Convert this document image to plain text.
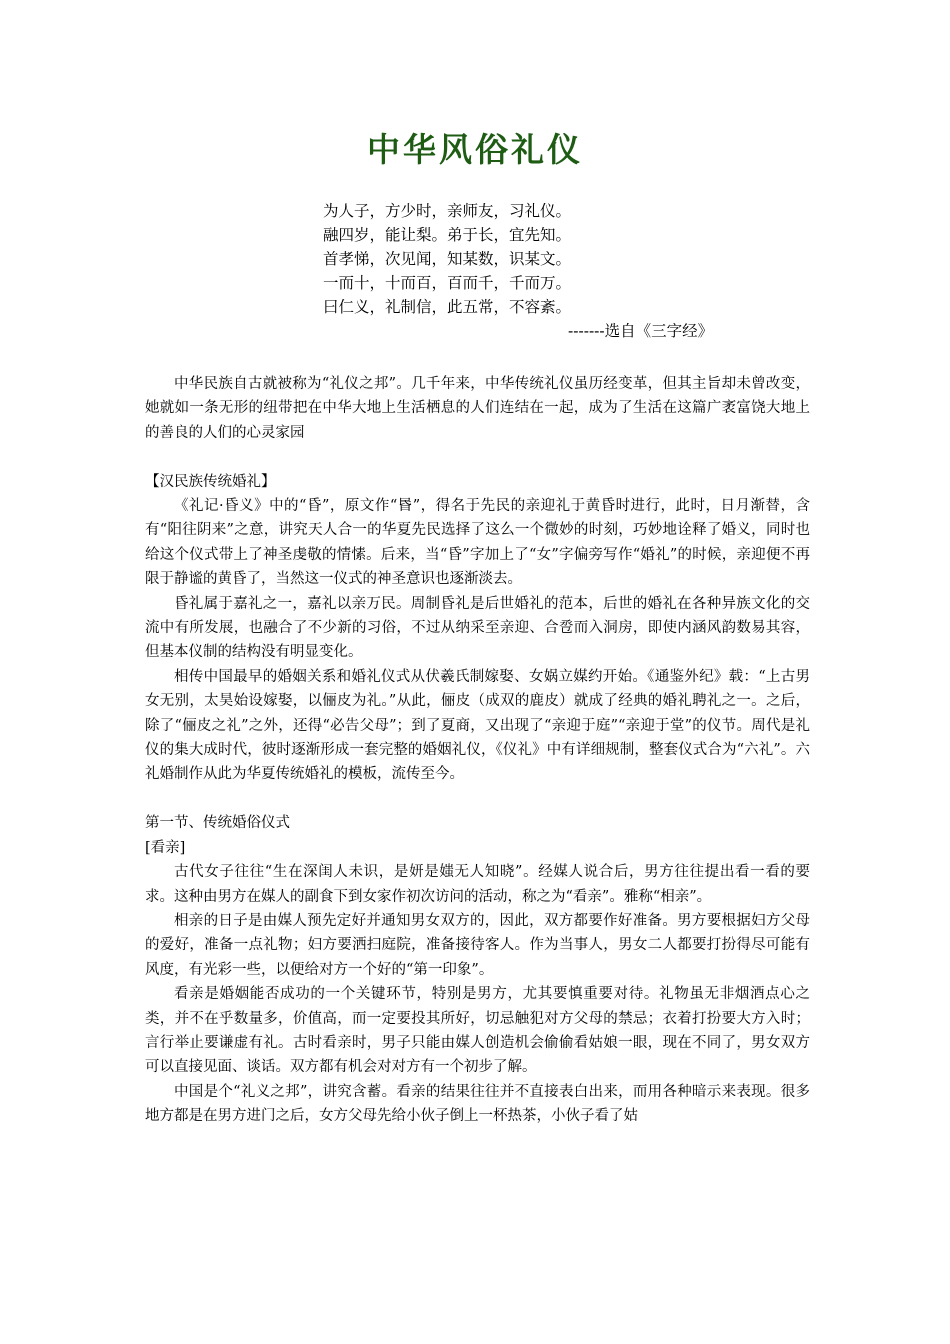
中华风俗礼仪
为人子，方少时，亲师友，习礼仪。
融四岁，能让梨。弟于长，宜先知。
首孝悌，次见闻，知某数，识某文。
一而十，十而百，百而千，千而万。
曰仁义，礼制信，此五常，不容紊。
-------选自《三字经》

中华民族自古就被称为“礼仪之邦”。几千年来，中华传统礼仪虽历经变革，但其主旨却未曾改变，她就如一条无形的纽带把在中华大地上生活栖息的人们连结在一起，成为了生活在这篇广袤富饶大地上的善良的人们的心灵家园

【汉民族传统婚礼】

《礼记·昏义》中的“昏”，原文作“昬”，得名于先民的亲迎礼于黄昏时进行，此时，日月渐替，含有“阳往阴来”之意，讲究天人合一的华夏先民选择了这么一个微妙的时刻，巧妙地诠释了婚义，同时也给这个仪式带上了神圣虔敬的情愫。后来，当“昏”字加上了“女”字偏旁写作“婚礼”的时候，亲迎便不再限于静谧的黄昏了，当然这一仪式的神圣意识也逐渐淡去。

昏礼属于嘉礼之一，嘉礼以亲万民。周制昏礼是后世婚礼的范本，后世的婚礼在各种异族文化的交流中有所发展，也融合了不少新的习俗，不过从纳采至亲迎、合卺而入洞房，即使内涵风韵数易其容，但基本仪制的结构没有明显变化。

相传中国最早的婚姻关系和婚礼仪式从伏羲氏制嫁娶、女娲立媒约开始。《通鉴外纪》载：“上古男女无别，太昊始设嫁娶，以俪皮为礼。”从此，俪皮（成双的鹿皮）就成了经典的婚礼聘礼之一。之后，除了“俪皮之礼”之外，还得“必告父母”；到了夏商，又出现了“亲迎于庭”“亲迎于堂”的仪节。周代是礼仪的集大成时代，彼时逐渐形成一套完整的婚姻礼仪，《仪礼》中有详细规制，整套仪式合为“六礼”。六礼婚制作从此为华夏传统婚礼的模板，流传至今。

第一节、传统婚俗仪式

[看亲]

古代女子往往“生在深闺人未识，是妍是媸无人知晓”。经媒人说合后，男方往往提出看一看的要求。这种由男方在媒人的副食下到女家作初次访问的活动，称之为“看亲”。雅称“相亲”。

相亲的日子是由媒人预先定好并通知男女双方的，因此，双方都要作好准备。男方要根据妇方父母的爱好，准备一点礼物；妇方要洒扫庭院，准备接待客人。作为当事人，男女二人都要打扮得尽可能有风度，有光彩一些，以便给对方一个好的“第一印象”。

看亲是婚姻能否成功的一个关键环节，特别是男方，尤其要慎重要对待。礼物虽无非烟酒点心之类，并不在乎数量多，价值高，而一定要投其所好，切忌触犯对方父母的禁忌；衣着打扮要大方入时；言行举止要谦虚有礼。古时看亲时，男子只能由媒人创造机会偷偷看姑娘一眼，现在不同了，男女双方可以直接见面、谈话。双方都有机会对对方有一个初步了解。

中国是个“礼义之邦”，讲究含蓄。看亲的结果往往并不直接表白出来，而用各种暗示来表现。很多地方都是在男方进门之后，女方父母先给小伙子倒上一杯热茶，小伙子看了姑
